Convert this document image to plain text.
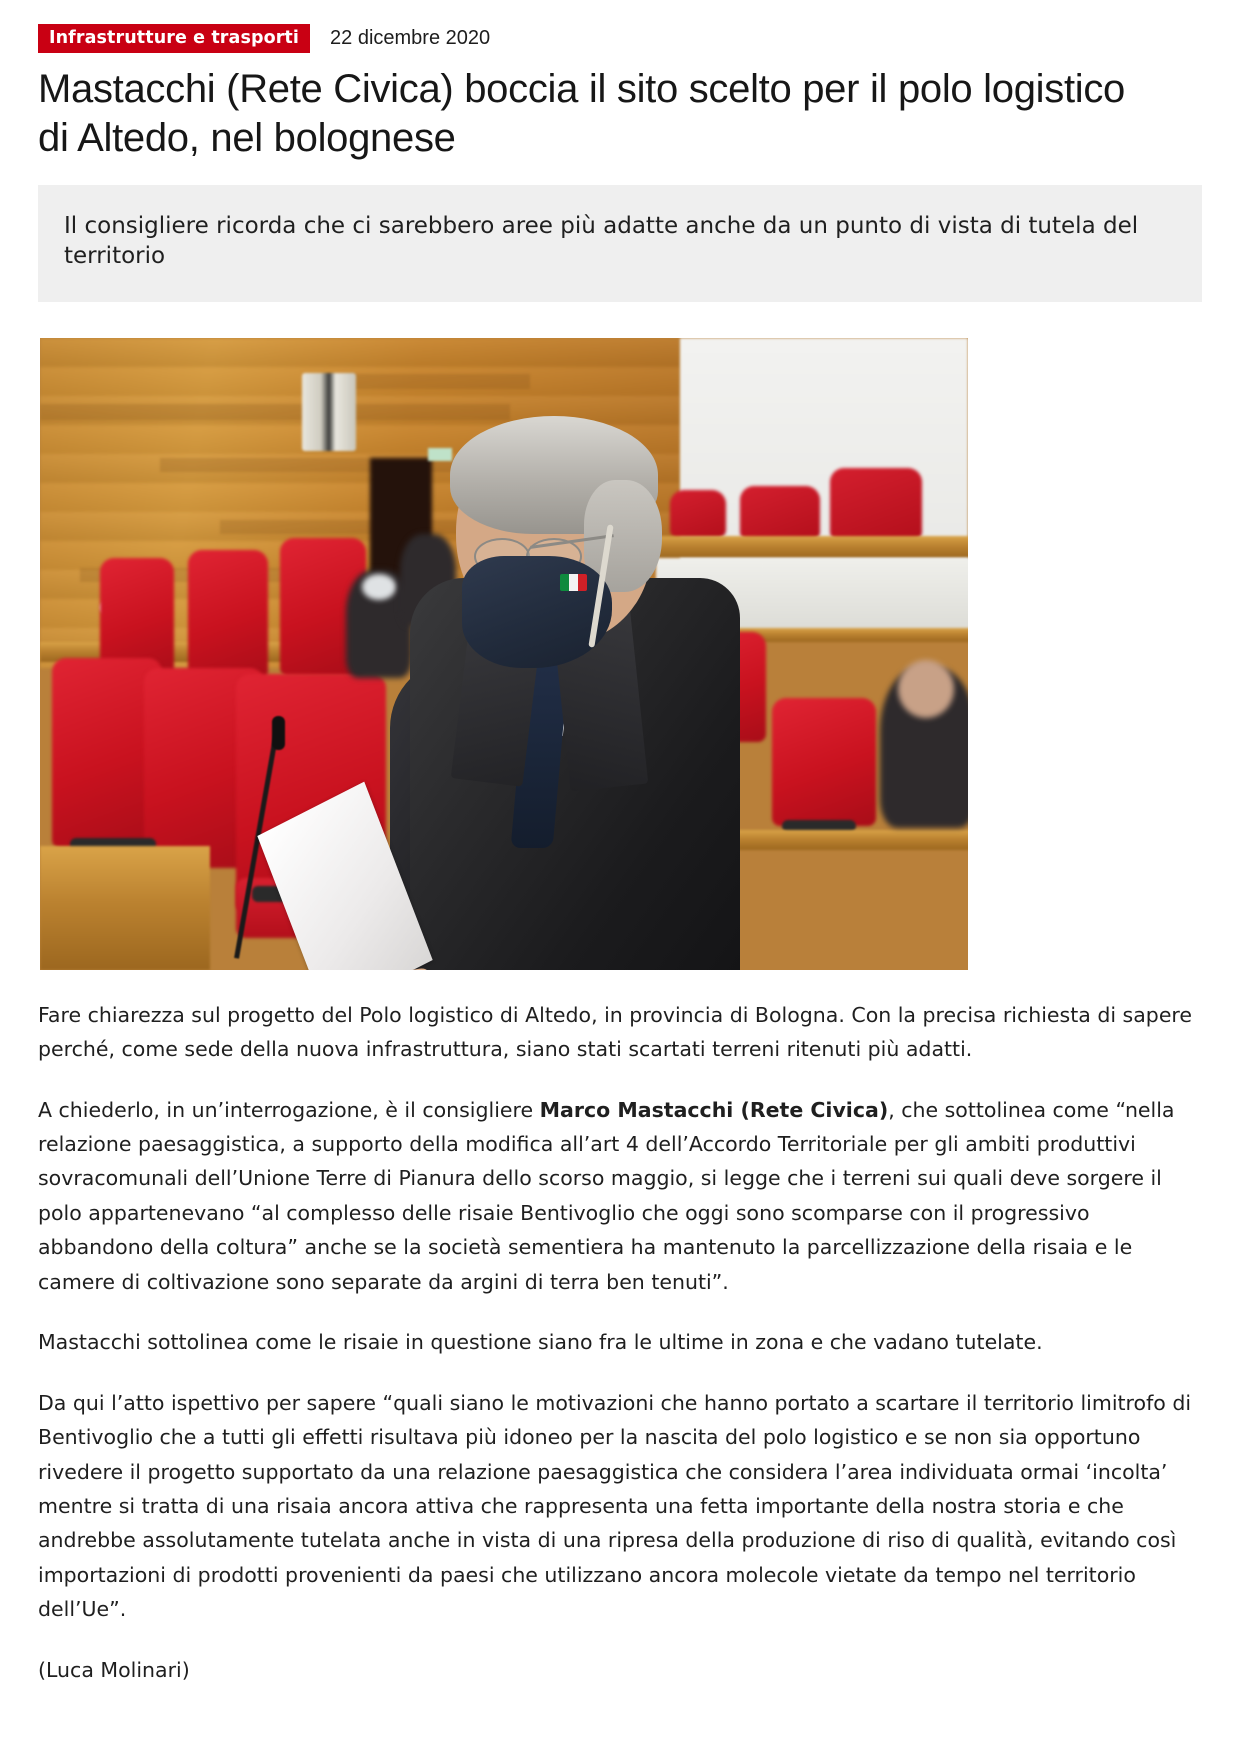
Infrastrutture e trasporti	22 dicembre 2020
Mastacchi (Rete Civica) boccia il sito scelto per il polo logistico di Altedo, nel bolognese

Il consigliere ricorda che ci sarebbero aree più adatte anche da un punto di vista di tutela del territorio

Fare chiarezza sul progetto del Polo logistico di Altedo, in provincia di Bologna. Con la precisa richiesta di sapere perché, come sede della nuova infrastruttura, siano stati scartati terreni ritenuti più adatti.

A chiederlo, in un’interrogazione, è il consigliere Marco Mastacchi (Rete Civica), che sottolinea come “nella relazione paesaggistica, a supporto della modifica all’art 4 dell’Accordo Territoriale per gli ambiti produttivi sovracomunali dell’Unione Terre di Pianura dello scorso maggio, si legge che i terreni sui quali deve sorgere il polo appartenevano “al complesso delle risaie Bentivoglio che oggi sono scomparse con il progressivo abbandono della coltura” anche se la società sementiera ha mantenuto la parcellizzazione della risaia e le camere di coltivazione sono separate da argini di terra ben tenuti”.

Mastacchi sottolinea come le risaie in questione siano fra le ultime in zona e che vadano tutelate.

Da qui l’atto ispettivo per sapere “quali siano le motivazioni che hanno portato a scartare il territorio limitrofo di Bentivoglio che a tutti gli effetti risultava più idoneo per la nascita del polo logistico e se non sia opportuno rivedere il progetto supportato da una relazione paesaggistica che considera l’area individuata ormai ‘incolta’ mentre si tratta di una risaia ancora attiva che rappresenta una fetta importante della nostra storia e che andrebbe assolutamente tutelata anche in vista di una ripresa della produzione di riso di qualità, evitando così importazioni di prodotti provenienti da paesi che utilizzano ancora molecole vietate da tempo nel territorio dell’Ue”.

(Luca Molinari)
